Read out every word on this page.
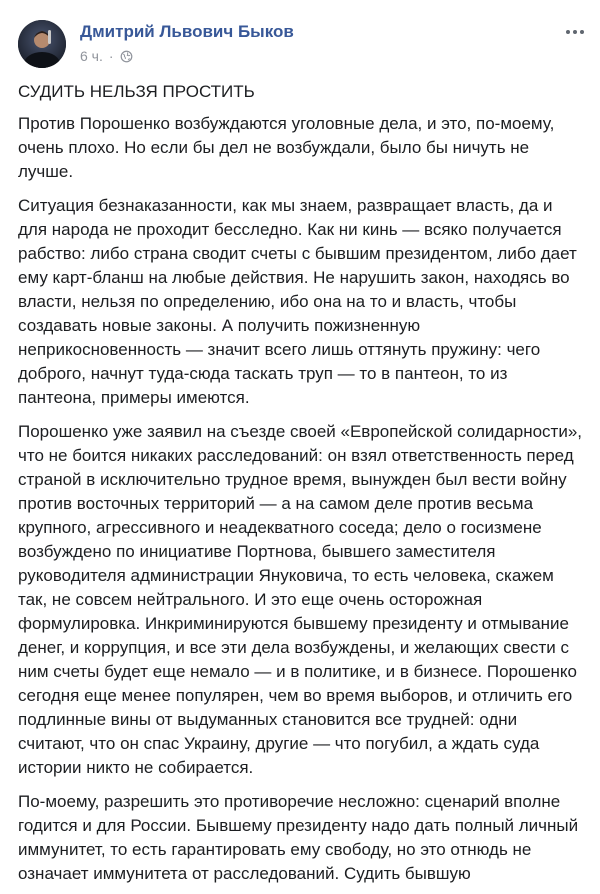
Дмитрий Львович Быков
6 ч. ·

СУДИТЬ НЕЛЬЗЯ ПРОСТИТЬ

Против Порошенко возбуждаются уголовные дела, и это, по-моему, очень плохо. Но если бы дел не возбуждали, было бы ничуть не лучше.

Ситуация безнаказанности, как мы знаем, развращает власть, да и для народа не проходит бесследно. Как ни кинь — всяко получается рабство: либо страна сводит счеты с бывшим президентом, либо дает ему карт-бланш на любые действия. Не нарушить закон, находясь во власти, нельзя по определению, ибо она на то и власть, чтобы создавать новые законы. А получить пожизненную неприкосновенность — значит всего лишь оттянуть пружину: чего доброго, начнут туда-сюда таскать труп — то в пантеон, то из пантеона, примеры имеются.

Порошенко уже заявил на съезде своей «Европейской солидарности», что не боится никаких расследований: он взял ответственность перед страной в исключительно трудное время, вынужден был вести войну против восточных территорий — а на самом деле против весьма крупного, агрессивного и неадекватного соседа; дело о госизмене возбуждено по инициативе Портнова, бывшего заместителя руководителя администрации Януковича, то есть человека, скажем так, не совсем нейтрального. И это еще очень осторожная формулировка. Инкриминируются бывшему президенту и отмывание денег, и коррупция, и все эти дела возбуждены, и желающих свести с ним счеты будет еще немало — и в политике, и в бизнесе. Порошенко сегодня еще менее популярен, чем во время выборов, и отличить его подлинные вины от выдуманных становится все трудней: одни считают, что он спас Украину, другие — что погубил, а ждать суда истории никто не собирается.

По-моему, разрешить это противоречие несложно: сценарий вполне годится и для России. Бывшему президенту надо дать полный личный иммунитет, то есть гарантировать ему свободу, но это отнюдь не означает иммунитета от расследований. Судить бывшую
